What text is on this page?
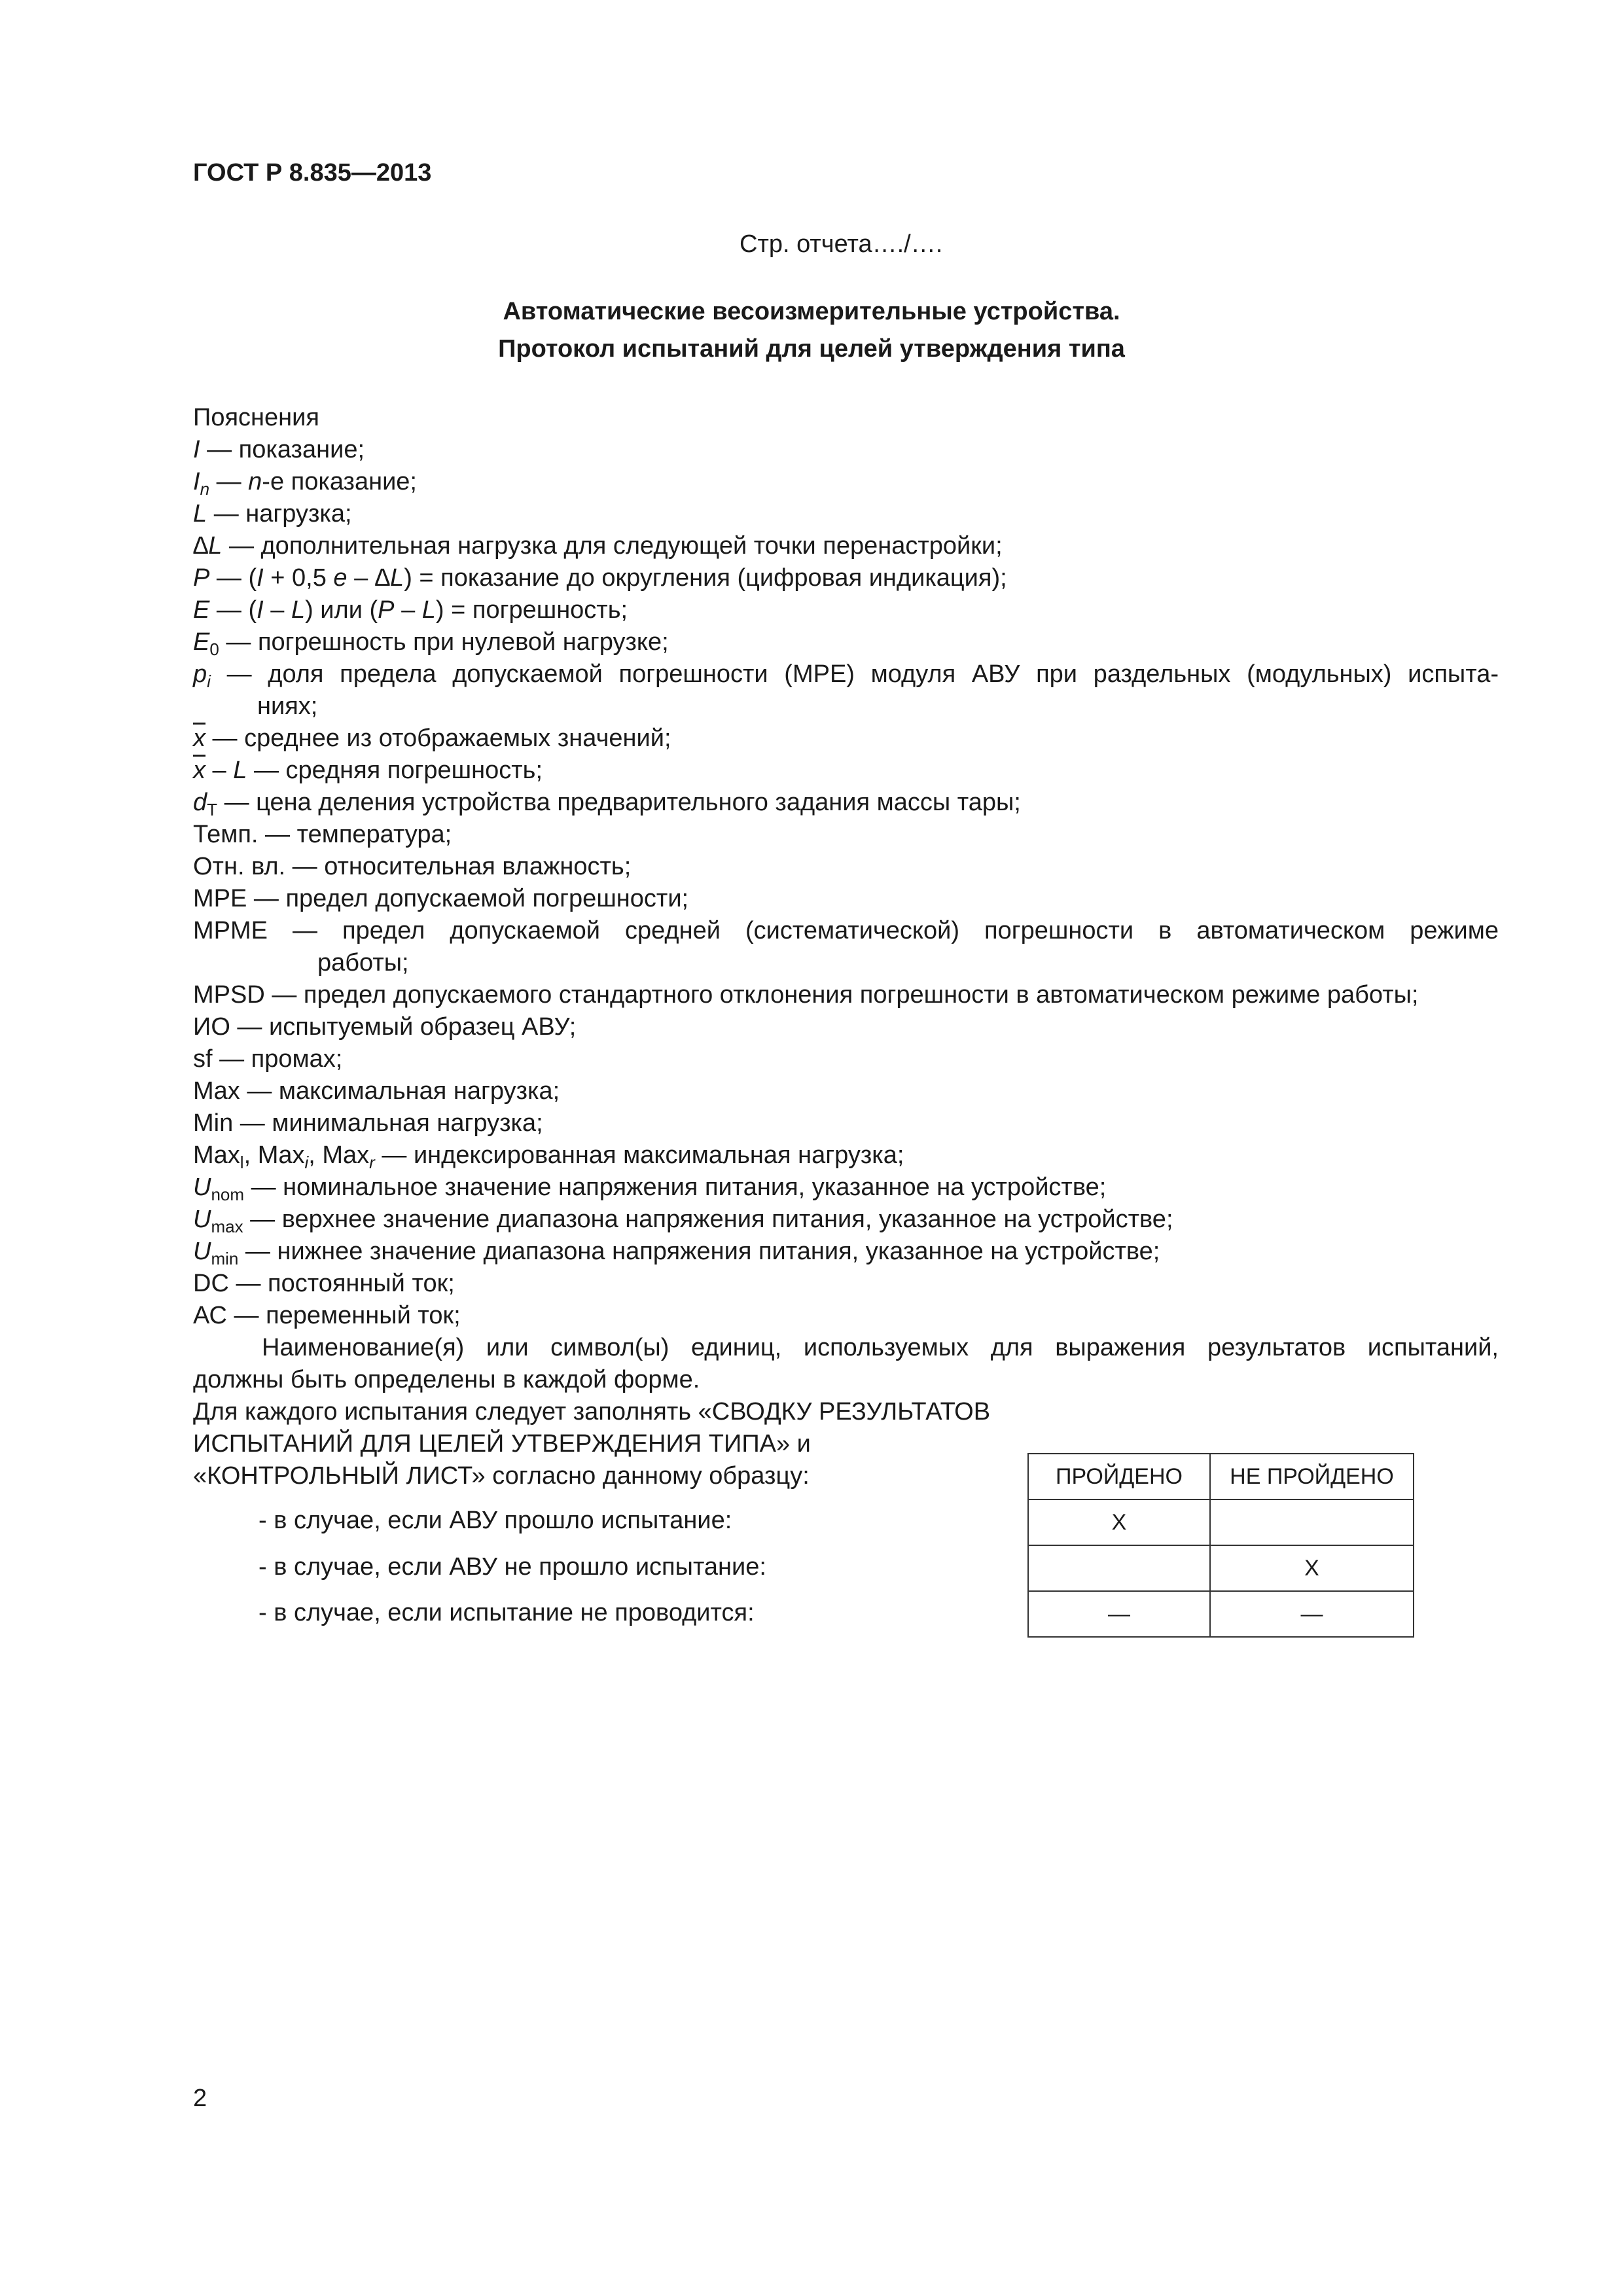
ГОСТ Р 8.835—2013
Стр. отчета…./….
Автоматические весоизмерительные устройства.
Протокол испытаний для целей утверждения типа
Пояснения
I — показание;
$I_n$ — n-е показание;
L — нагрузка;
∆L — дополнительная нагрузка для следующей точки перенастройки;
P — (I + 0,5 e – ∆L) = показание до округления (цифровая индикация);
E — (I – L) или (P – L) = погрешность;
$E_0$ — погрешность при нулевой нагрузке;
$p_i$ — доля предела допускаемой погрешности (МРЕ) модуля АВУ при раздельных (модульных) испыта-
ниях;
$\overline{x}$ — среднее из отображаемых значений;
$\overline{x}$ – L — средняя погрешность;
$d_T$ — цена деления устройства предварительного задания массы тары;
Темп. — температура;
Отн. вл. — относительная влажность;
МРЕ — предел допускаемой погрешности;
MPME — предел допускаемой средней (систематической) погрешности в автоматическом режиме
работы;
MPSD — предел допускаемого стандартного отклонения погрешности в автоматическом режиме работы;
ИО — испытуемый образец АВУ;
sf — промах;
Max — максимальная нагрузка;
Min — минимальная нагрузка;
Max$_l$, Max$_i$, Max$_r$ — индексированная максимальная нагрузка;
$U_{nom}$ — номинальное значение напряжения питания, указанное на устройстве;
$U_{max}$ — верхнее значение диапазона напряжения питания, указанное на устройстве;
$U_{min}$ — нижнее значение диапазона напряжения питания, указанное на устройстве;
DC — постоянный ток;
АС — переменный ток;
Наименование(я) или символ(ы) единиц, используемых для выражения результатов испытаний,
должны быть определены в каждой форме.
Для каждого испытания следует заполнять «СВОДКУ РЕЗУЛЬТАТОВ
ИСПЫТАНИЙ ДЛЯ ЦЕЛЕЙ УТВЕРЖДЕНИЯ ТИПА» и
«КОНТРОЛЬНЫЙ ЛИСТ» согласно данному образцу:
- в случае, если АВУ прошло испытание:
- в случае, если АВУ не прошло испытание:
- в случае, если испытание не проводится:
ПРОЙДЕНО	НЕ ПРОЙДЕНО
X	
	X
—	—
2
